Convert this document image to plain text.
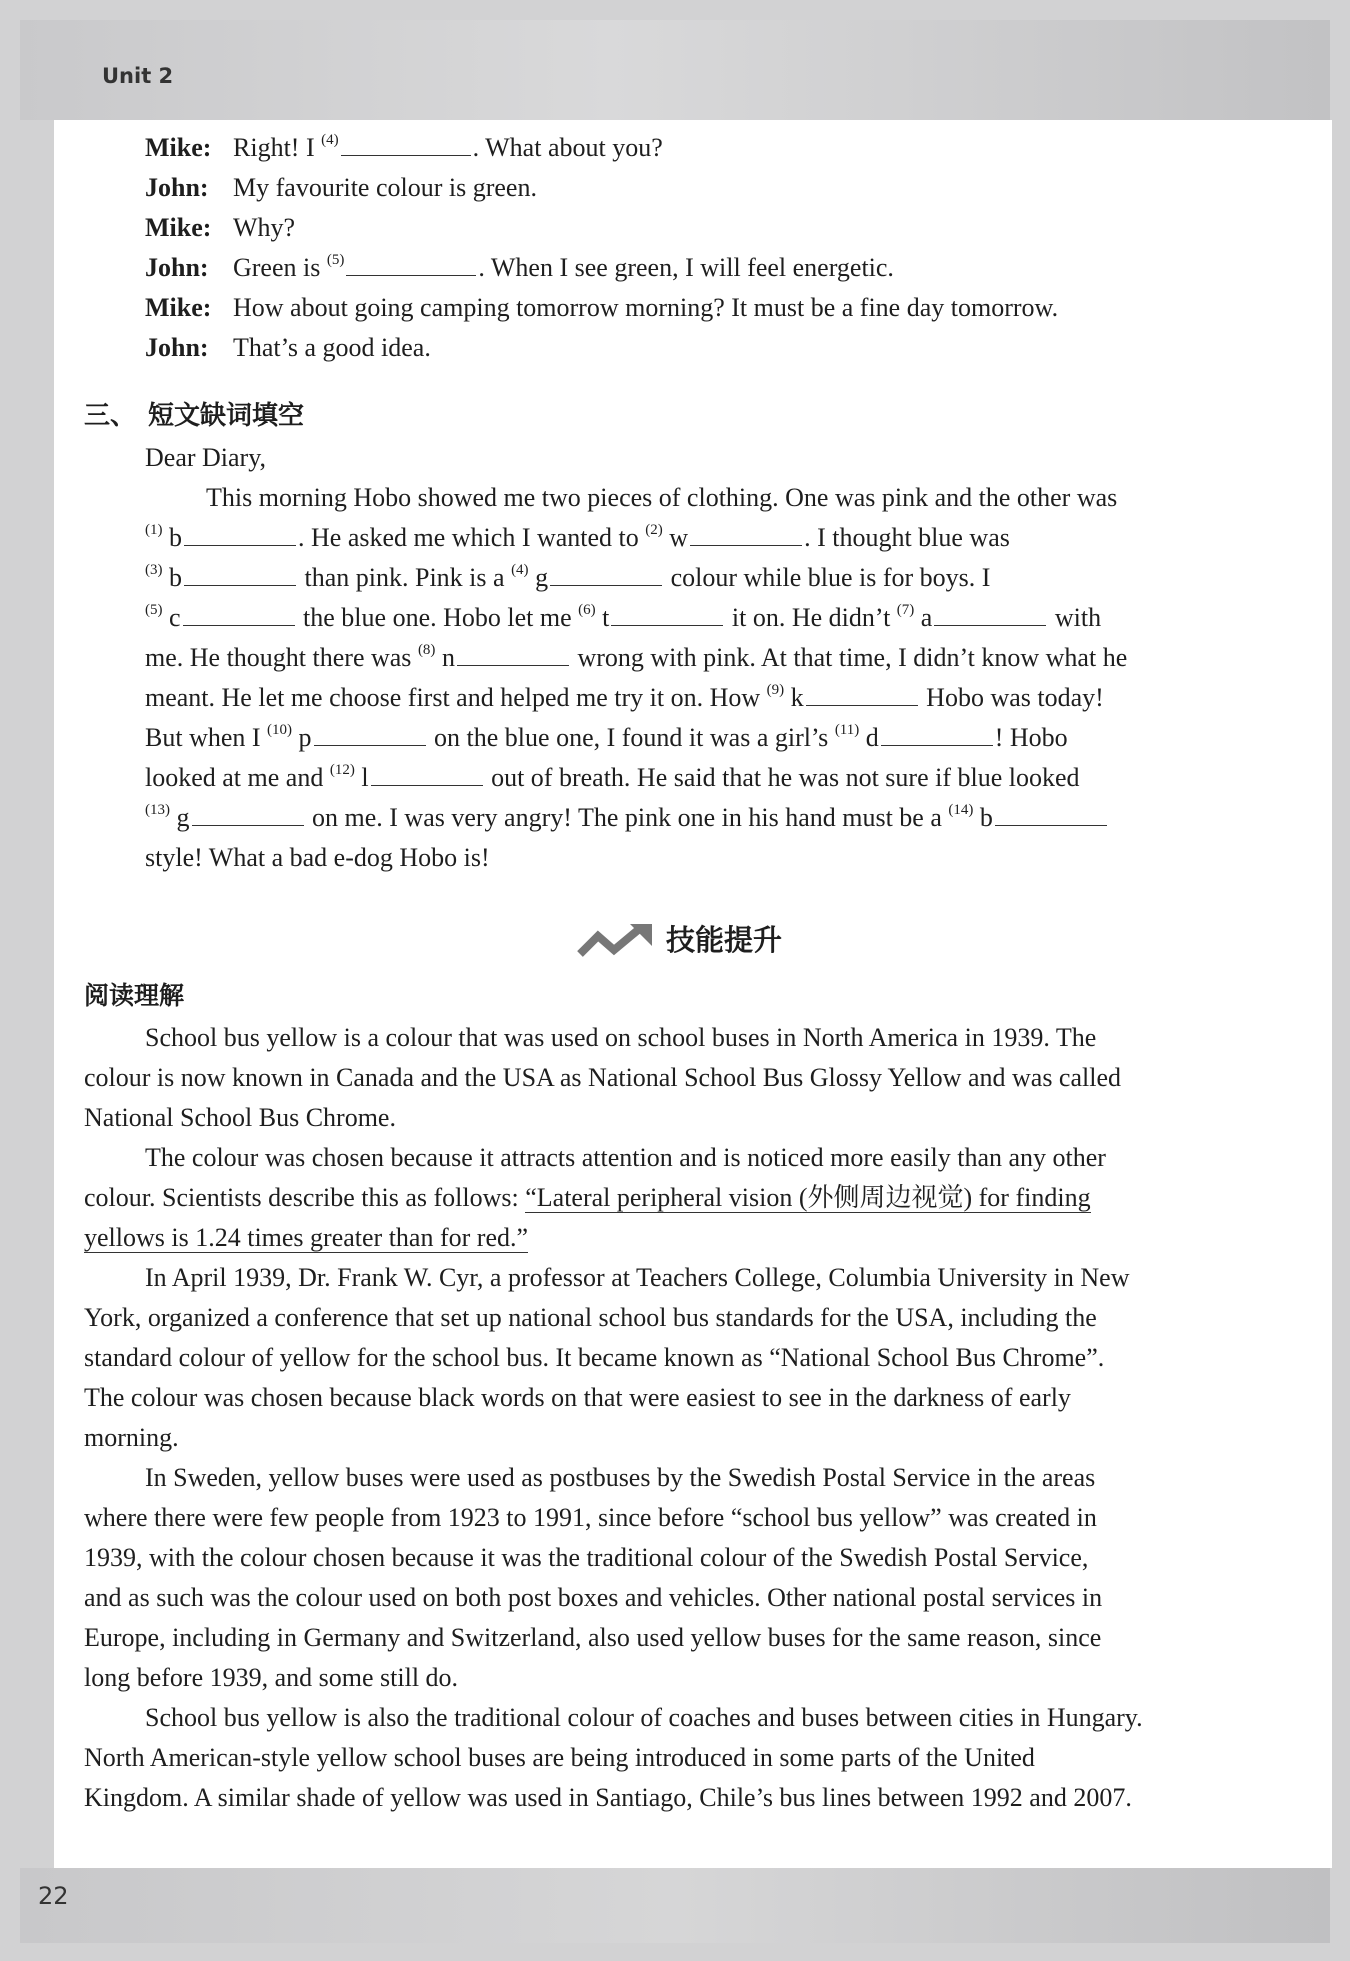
Unit 2
22
Mike: Right! I $^{(4)}$	. What about you?
John: My favourite colour is green.
Mike: Why?
John: Green is $^{(5)}$	. When I see green, I will feel energetic.
Mike: How about going camping tomorrow morning? It must be a fine day tomorrow.
John: That’s a good idea.
三、 短文缺词填空
Dear Diary,
This morning Hobo showed me two pieces of clothing. One was pink and the other was
$^{(1)}$ b	. He asked me which I wanted to $^{(2)}$ w	. I thought blue was
$^{(3)}$ b	than pink. Pink is a $^{(4)}$ g	colour while blue is for boys. I
$^{(5)}$ c	the blue one. Hobo let me $^{(6)}$ t	it on. He didn’t $^{(7)}$ a	with
me. He thought there was $^{(8)}$ n	wrong with pink. At that time, I didn’t know what he
meant. He let me choose first and helped me try it on. How $^{(9)}$ k	Hobo was today!
But when I $^{(10)}$ p	on the blue one, I found it was a girl’s $^{(11)}$ d	! Hobo
looked at me and $^{(12)}$ l	out of breath. He said that he was not sure if blue looked
$^{(13)}$ g	on me. I was very angry! The pink one in his hand must be a $^{(14)}$ b
style! What a bad e-dog Hobo is!
技能提升
阅读理解

School bus yellow is a colour that was used on school buses in North America in 1939. The
colour is now known in Canada and the USA as National School Bus Glossy Yellow and was called
National School Bus Chrome.

The colour was chosen because it attracts attention and is noticed more easily than any other
colour. Scientists describe this as follows: “Lateral peripheral vision (外侧周边视觉) for finding
yellows is 1.24 times greater than for red.”

In April 1939, Dr. Frank W. Cyr, a professor at Teachers College, Columbia University in New
York, organized a conference that set up national school bus standards for the USA, including the
standard colour of yellow for the school bus. It became known as “National School Bus Chrome”.
The colour was chosen because black words on that were easiest to see in the darkness of early
morning.

In Sweden, yellow buses were used as postbuses by the Swedish Postal Service in the areas
where there were few people from 1923 to 1991, since before “school bus yellow” was created in
1939, with the colour chosen because it was the traditional colour of the Swedish Postal Service,
and as such was the colour used on both post boxes and vehicles. Other national postal services in
Europe, including in Germany and Switzerland, also used yellow buses for the same reason, since
long before 1939, and some still do.

School bus yellow is also the traditional colour of coaches and buses between cities in Hungary.
North American-style yellow school buses are being introduced in some parts of the United
Kingdom. A similar shade of yellow was used in Santiago, Chile’s bus lines between 1992 and 2007.
